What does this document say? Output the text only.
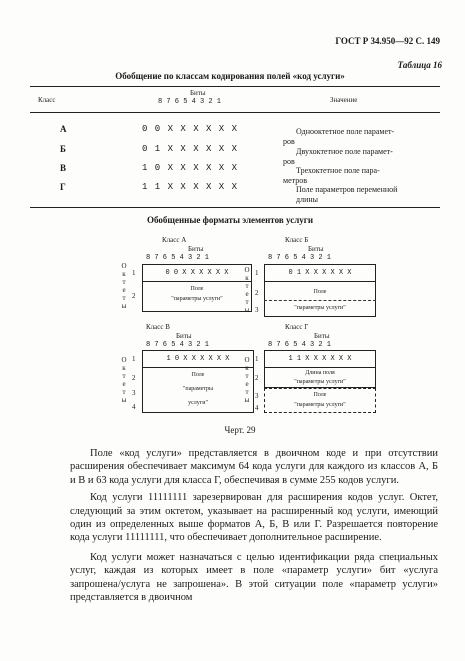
ГОСТ Р 34.950—92 С. 149
Таблица 16
Обобщение по классам кодирования полей «код услуги»
Класс
Биты
8 7 6 5 4 3 2 1	Значение
А	0 0 X X X X X X	Однооктетное поле парамет-
ров
Б	0 1 X X X X X X	Двухоктетное поле парамет-
ров
В	1 0 X X X X X X	Трехоктетное поле пара-
метров
Г	1 1 X X X X X X	Поле параметров переменной
длины
Обобщенные форматы элементов услуги
Класс А
Биты
8 7 6 5 4 3 2 1
О
к
т
е
т
ы
1
2
0 0 X X X X X X
Поле
"параметры услуги"
Класс Б
Биты
8 7 6 5 4 3 2 1
О
к
т
е
т
ы
1
2
3
0 1 X X X X X X
Поле
"параметры услуги"
Класс В
Биты
8 7 6 5 4 3 2 1
О
к
т
е
т
ы
1
2
3
4
1 0 X X X X X X
Поле
"параметры
услуги"
Класс Г
Биты
8 7 6 5 4 3 2 1
О
к
т
е
т
ы
1
2
3
4
1 1 X X X X X X
Длина поля
"параметры услуги"
Поле
"параметры услуги"
Черт. 29

Поле «код услуги» представляется в двоичном коде и при отсутствии расширения обеспечивает максимум 64 кода услуги для каждого из классов А, Б и В и 63 кода услуги для класса Г, обеспечивая в сумме 255 кодов услуги.

Код услуги 11111111 зарезервирован для расширения кодов услуг. Октет, следующий за этим октетом, указывает на расширенный код услуги, имеющий один из определенных выше форматов А, Б, В или Г. Разрешается повторение кода услуги 11111111, что обеспечивает дополнительное расширение.

Код услуги может назначаться с целью идентификации ряда специальных услуг, каждая из которых имеет в поле «параметр услуги» бит «услуга запрошена/услуга не запрошена». В этой ситуации поле «параметр услуги» представляется в двоичном
